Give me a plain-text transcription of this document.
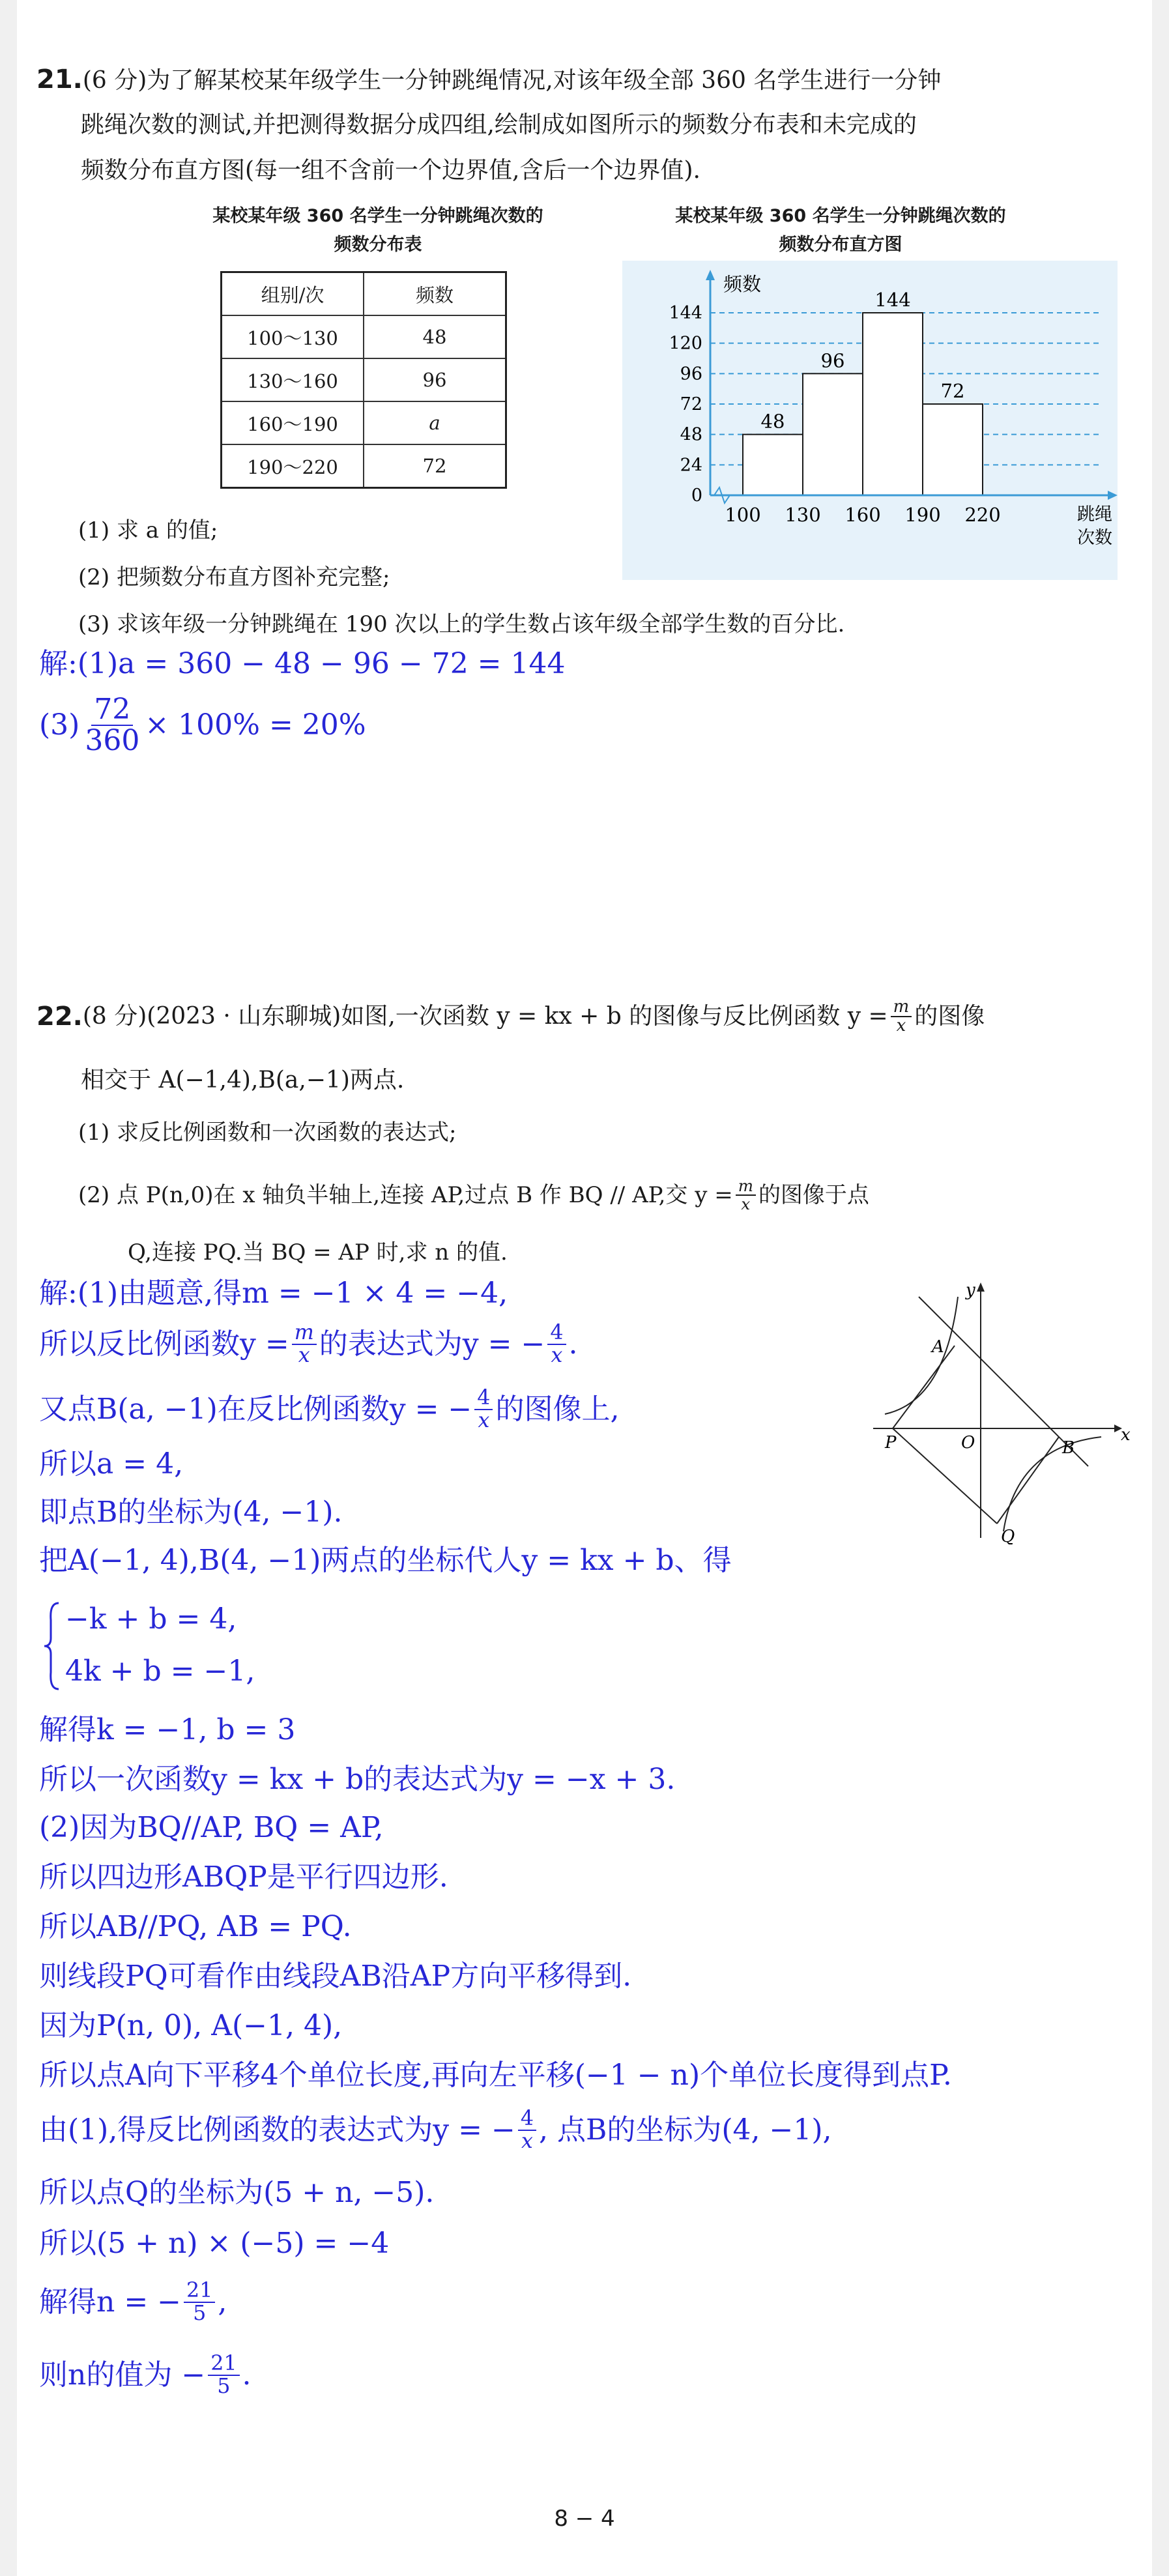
21.(6 分)为了解某校某年级学生一分钟跳绳情况,对该年级全部 360 名学生进行一分钟
跳绳次数的测试,并把测得数据分成四组,绘制成如图所示的频数分布表和未完成的
频数分布直方图(每一组不含前一个边界值,含后一个边界值).
某校某年级 360 名学生一分钟跳绳次数的
频数分布表
组别/次	频数
100～130	48
130～160	96
160～190	a
190～220	72
某校某年级 360 名学生一分钟跳绳次数的
频数分布直方图
0
24
48
72
96
120
144
48
96
144
72
100 130 160 190 220
频数
跳绳
次数
(1) 求 a 的值;
(2) 把频数分布直方图补充完整;
(3) 求该年级一分钟跳绳在 190 次以上的学生数占该年级全部学生数的百分比.
解:(1)a = 360 − 48 − 96 − 72 = 144
$(3) \frac{72}{360} \times 100\% = 20\%$
22. (8 分)(2023 · 山东聊城)如图,一次函数 y = kx + b 的图像与反比例函数 $y = \frac{m}{x}$ 的图像
相交于 A(−1,4),B(a,−1)两点.
(1) 求反比例函数和一次函数的表达式;
(2) 点 P(n,0)在 x 轴负半轴上,连接 AP,过点 B 作 BQ // AP,交 $y = \frac{m}{x}$ 的图像于点
Q,连接 PQ.当 BQ = AP 时,求 n 的值.
A
B
P	O
Q
x
y
解:(1)由题意,得m = −1 × 4 = −4,
所以反比例函数$y = \frac{m}{x}$ 的表达式为y = − $\frac{4}{x}$ .
又点B(a, −1)在反比例函数y = − $\frac{4}{x}$ 的图像上,
所以a = 4,
即点B的坐标为(4, −1).
把A(−1, 4),B(4, −1)两点的坐标代人y = kx + b、得
−k + b = 4,
4k + b = −1,
解得k = −1, b = 3
所以一次函数y = kx + b的表达式为y = −x + 3.
(2)因为BQ//AP, BQ = AP,
所以四边形ABQP是平行四边形.
所以AB//PQ, AB = PQ.
则线段PQ可看作由线段AB沿AP方向平移得到.
因为P(n, 0), A(−1, 4),
所以点A向下平移4个单位长度,再向左平移(−1 − n)个单位长度得到点P.
由(1),得反比例函数的表达式为y = − $\frac{4}{x}$ , 点B的坐标为(4, −1),
所以点Q的坐标为(5 + n, −5).
所以(5 + n) × (−5) = −4
解得n = − $\frac{21}{5}$ ,
则n的值为 − $\frac{21}{5}$ .
8 − 4
